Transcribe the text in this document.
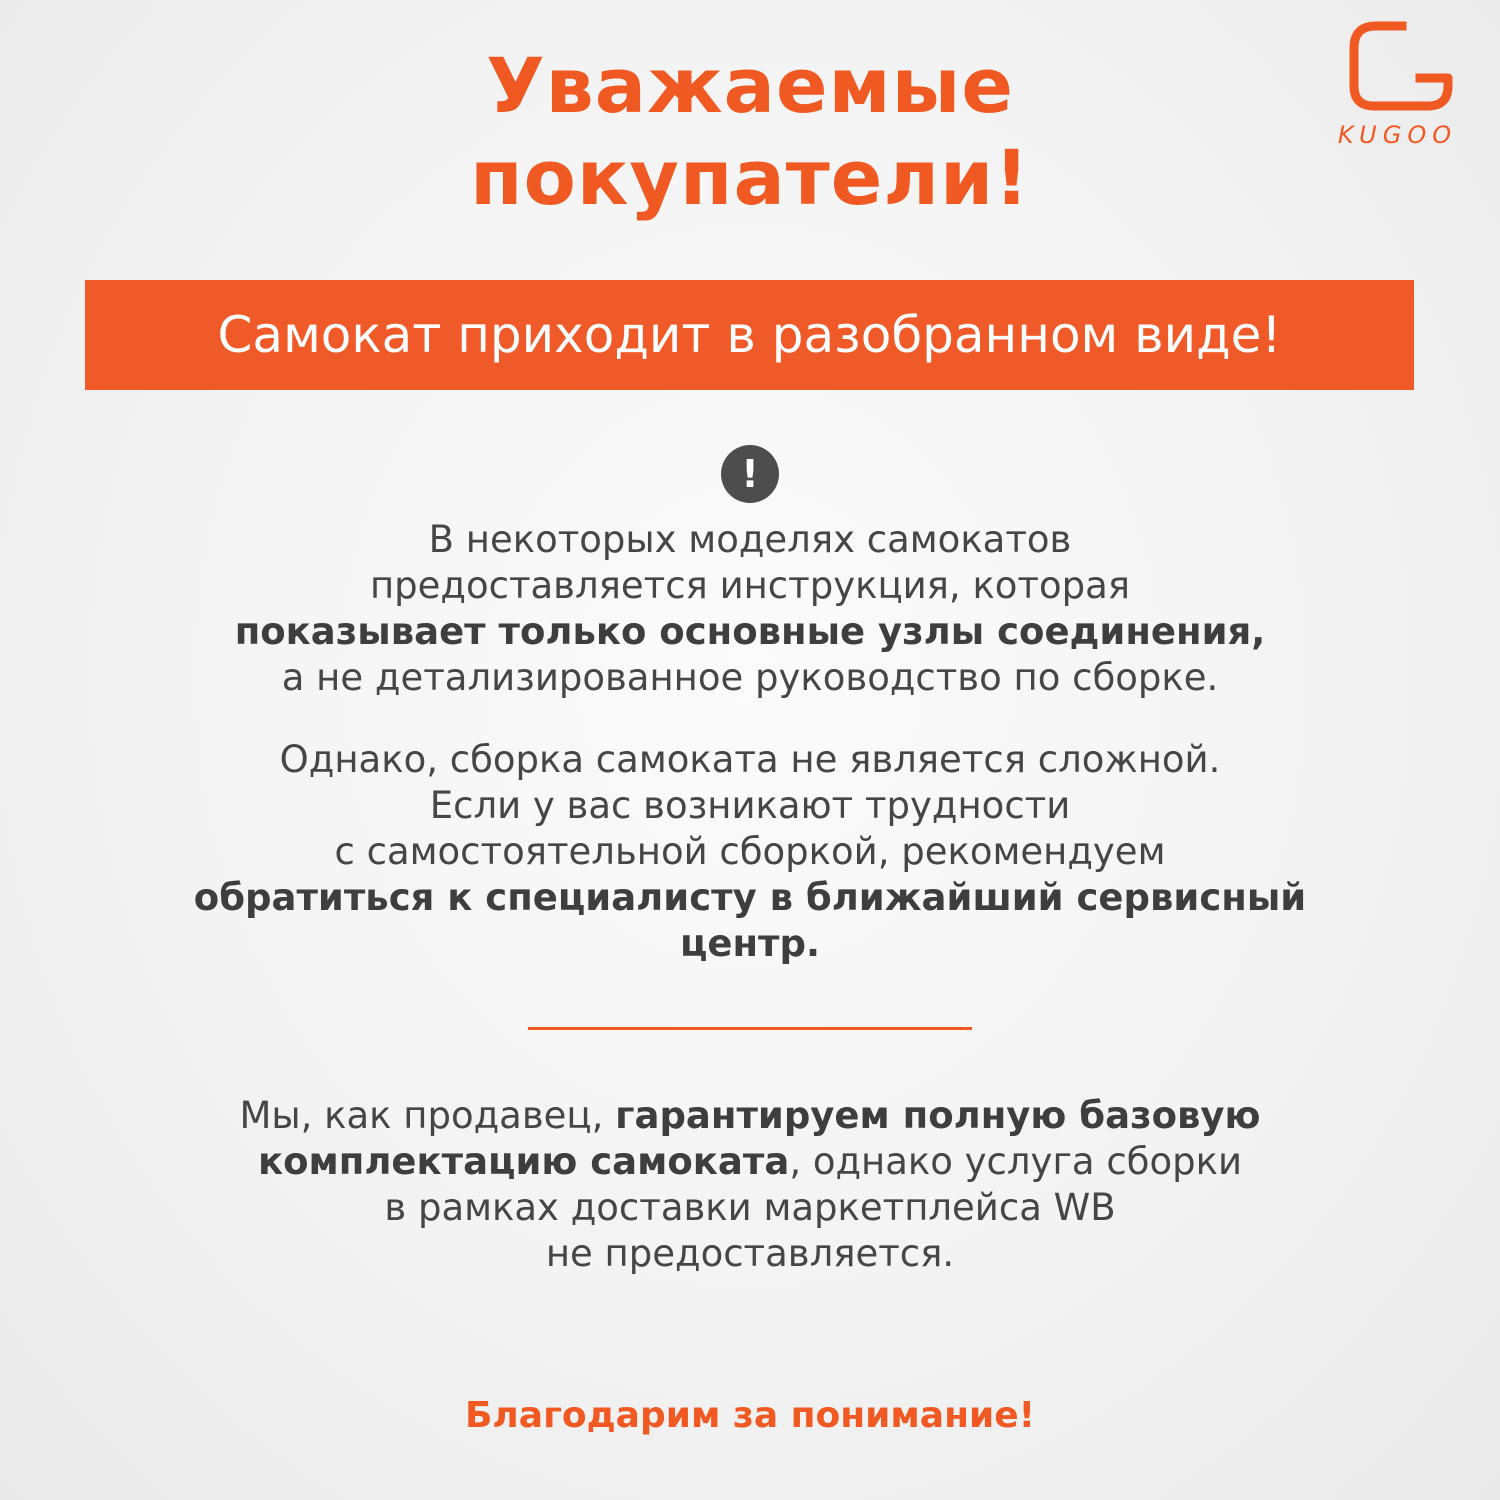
Уважаемые
покупатели!	KUGOO
Самокат приходит в разобранном виде!
!
В некоторых моделях самокатов
предоставляется инструкция, которая
показывает только основные узлы соединения,
а не детализированное руководство по сборке.
Однако, сборка самоката не является сложной.
Если у вас возникают трудности
с самостоятельной сборкой, рекомендуем
обратиться к специалисту в ближайший сервисный
центр.
Мы, как продавец, гарантируем полную базовую
комплектацию самоката, однако услуга сборки
в рамках доставки маркетплейса WB
не предоставляется.
Благодарим за понимание!
